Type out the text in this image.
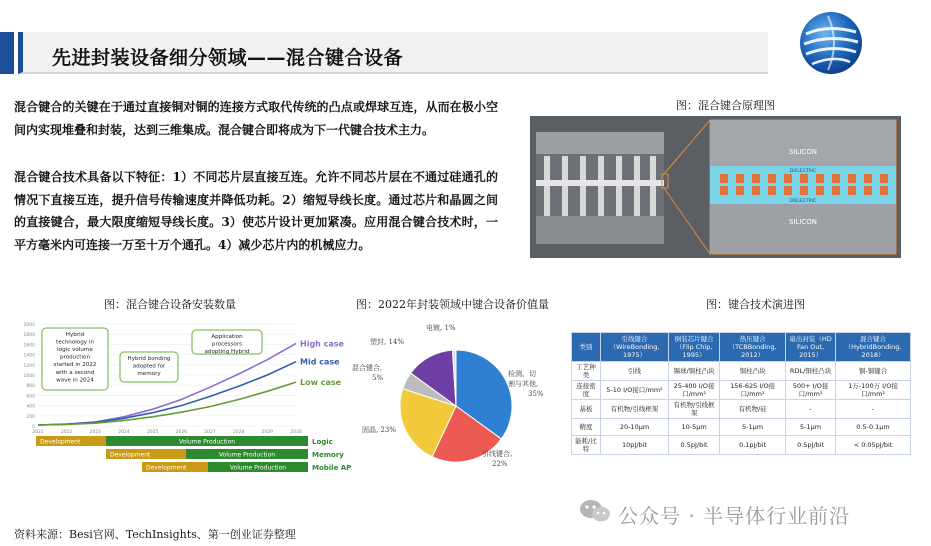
先进封装设备细分领域——混合键合设备
混合键合的关键在于通过直接铜对铜的连接方式取代传统的凸点或焊球互连，从而在极小空间内实现堆叠和封装，达到三维集成。混合键合即将成为下一代键合技术主力。
混合键合技术具备以下特征：1）不同芯片层直接互连。允许不同芯片层在不通过硅通孔的情况下直接互连，提升信号传输速度并降低功耗。2）缩短导线长度。通过芯片和晶圆之间的直接键合，最大限度缩短导线长度。3）使芯片设计更加紧凑。应用混合键合技术时，一平方毫米内可连接一万至十万个通孔。4）减少芯片内的机械应力。
图：混合键合原理图
SILICON
DIELECTRIC
DIELECTRIC
SILICON
图：混合键合设备安装数量	图：2022年封装领域中键合设备价值量	图：键合技术演进图
0
200
400
600
800
1000
1200
1400
1600
1800
2000
2021	2022	2023	2024	2025	2026	2027	2028	2029	2030
High case
Mid case
Low case
Hybrid
technology in
logic volume
production
started in 2022
with a second
wave in 2024
Hybrid bonding
adopted for
memory
Application
processors
adopting Hybrid
Development	Volume Production	Logic
Development	Volume Production	Memory
Development	Volume Production	Mobile AP
检测、切
割与其他,
35%
引线键合,
22%
固晶, 23%
混合键合,
5%
塑封, 14%
电镀, 1%
类别	引线键合（WireBonding, 1975）	倒装芯片键合（Flip Chip, 1995）	热压键合（TCBBonding, 2012）	扇出封装（HD Fan Out, 2015）	混合键合（HybridBonding, 2018）
工艺种类	引线	锡球/铜柱凸块	铜柱凸块	RDL/铜柱凸块	铜-铜键合
连接密度	5-10 I/O接口/mm²	25-400 I/O接口/mm²	156-625 I/O接口/mm²	500+ I/O接口/mm²	1万-100万 I/O接口/mm²
基板	有机物/引线框架	有机物/引线框架	有机物/硅	-	-
精度	20-10μm	10-5μm	5-1μm	5-1μm	0.5-0.1μm
能耗/比特	10pJ/bit	0.5pJ/bit	0.1pJ/bit	0.5pJ/bit	< 0.05pJ/bit
资料来源：Besi官网、TechInsights、第一创业证券整理
公众号 · 半导体行业前沿
